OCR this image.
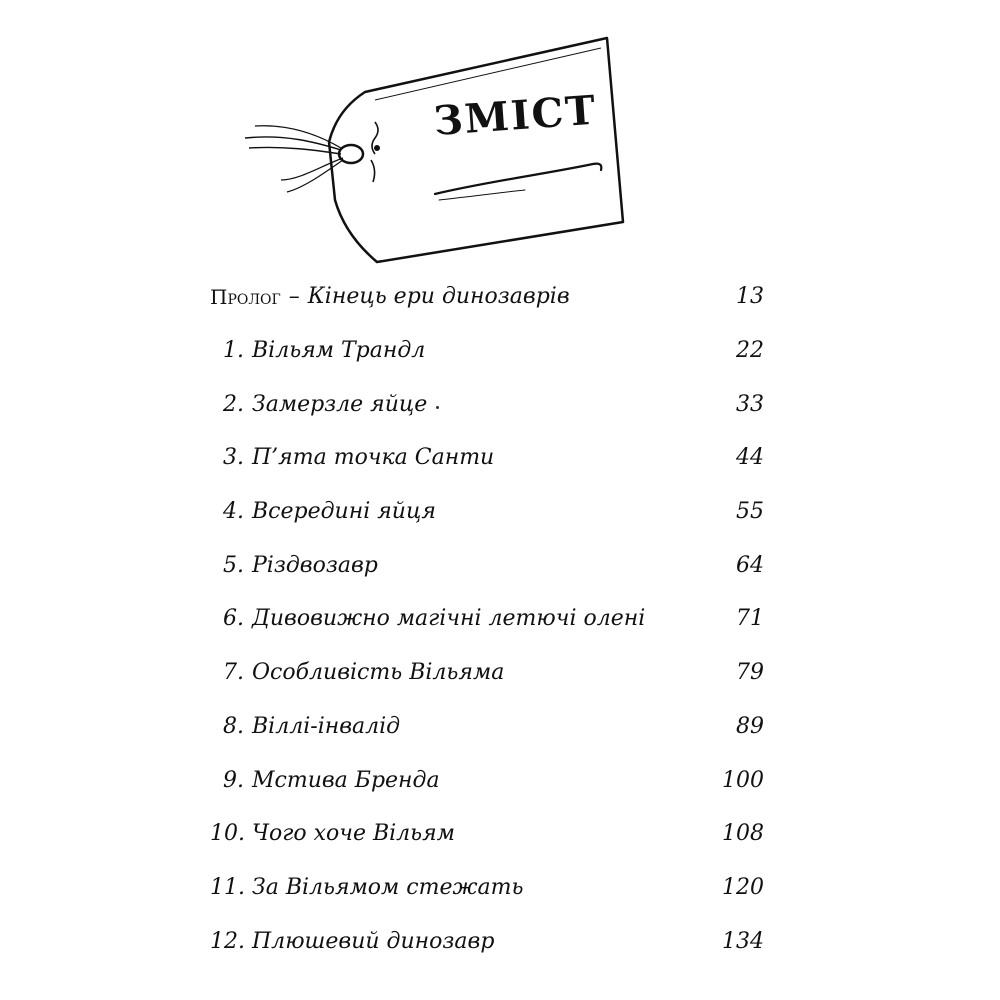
ЗМІСТ
Пролог – Кінець ери динозаврів	13
1. Вільям Трандл	22
2. Замерзле яйце	33
3. П’ята точка Санти	44
4. Всередині яйця	55
5. Різдвозавр	64
6. Дивовижно магічні летючі олені	71
7. Особливість Вільяма	79
8. Віллі-інвалід	89
9. Мстива Бренда	100
10. Чого хоче Вільям	108
11. За Вільямом стежать	120
12. Плюшевий динозавр	134
